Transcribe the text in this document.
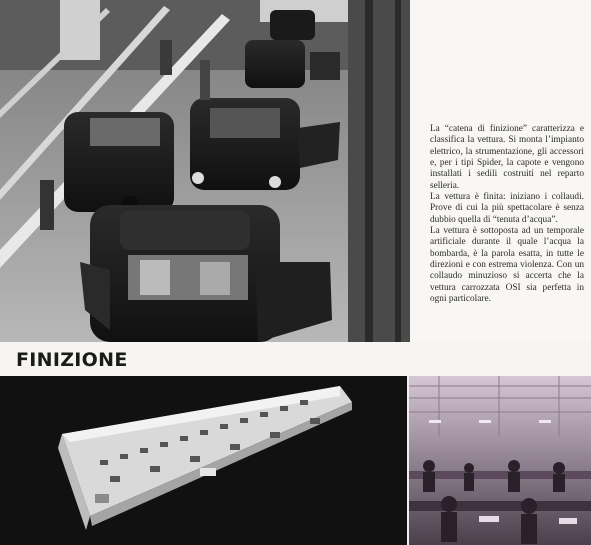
La “catena di finizione” caratterizza e classifica la vettura. Si monta l’impianto elettrico, la strumentazione, gli accessori e, per i tipi Spider, la capote e vengono installati i sedili costruiti nel reparto selleria.

La vettura è finita: iniziano i collaudi. Prove di cui la più spettacolare è senza dubbio quella di “tenuta d’acqua”.

La vettura è sottoposta ad un temporale artificiale durante il quale l’acqua la bombarda, è la parola esatta, in tutte le direzioni e con estrema violenza. Con un collaudo minuzioso si accerta che la vettura carrozzata OSI sia perfetta in ogni particolare.

FINIZIONE
